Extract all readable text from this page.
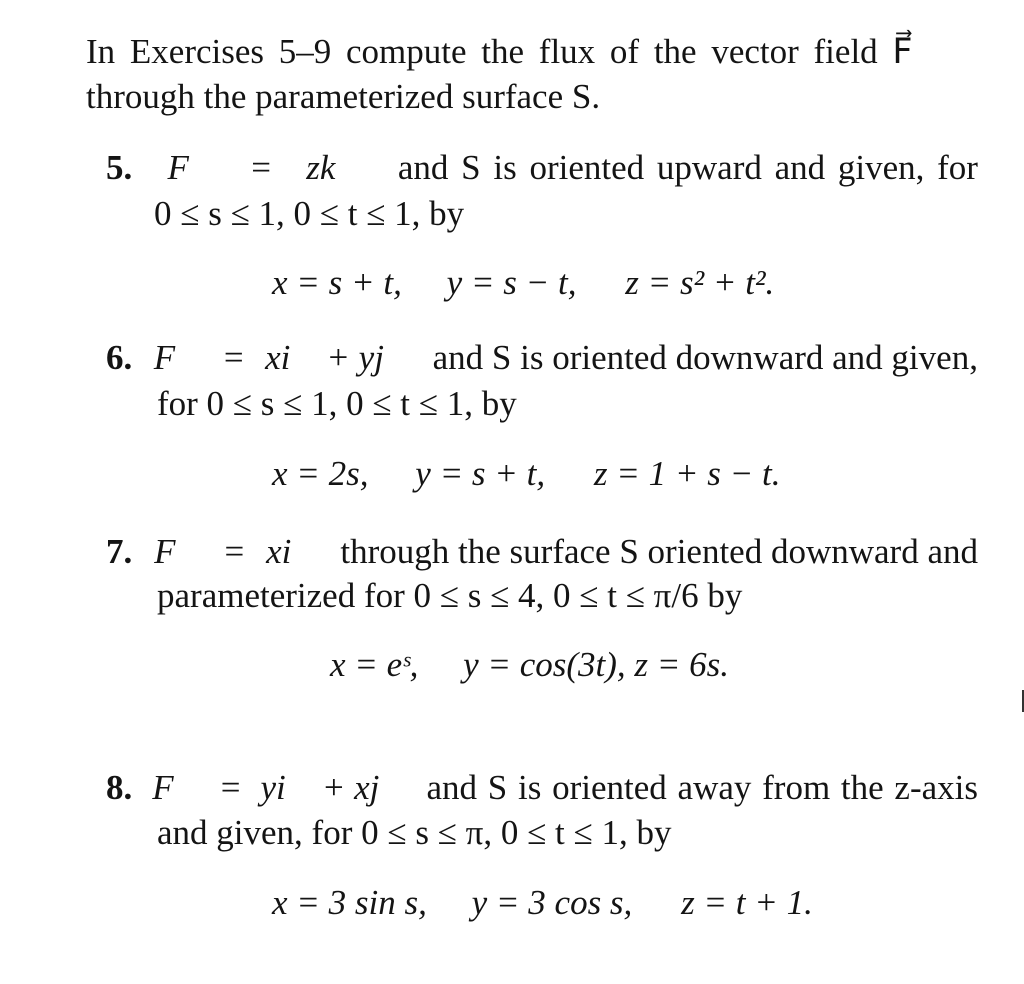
In Exercises 5–9 compute the flux of the vector field F⃗
through the parameterized surface S.
5. F⃗ = zk⃗ and S is oriented upward and given, for
0 ≤ s ≤ 1, 0 ≤ t ≤ 1, by
x = s + t, y = s − t, z = s² + t².
6. F⃗ = xi⃗ + yj⃗ and S is oriented downward and given,
for 0 ≤ s ≤ 1, 0 ≤ t ≤ 1, by
x = 2s, y = s + t, z = 1 + s − t.
7. F⃗ = xi⃗ through the surface S oriented downward and
parameterized for 0 ≤ s ≤ 4, 0 ≤ t ≤ π/6 by
x = eˢ, y = cos(3t), z = 6s.
8. F⃗ = yi⃗ + xj⃗ and S is oriented away from the z-axis
and given, for 0 ≤ s ≤ π, 0 ≤ t ≤ 1, by
x = 3 sin s, y = 3 cos s, z = t + 1.
